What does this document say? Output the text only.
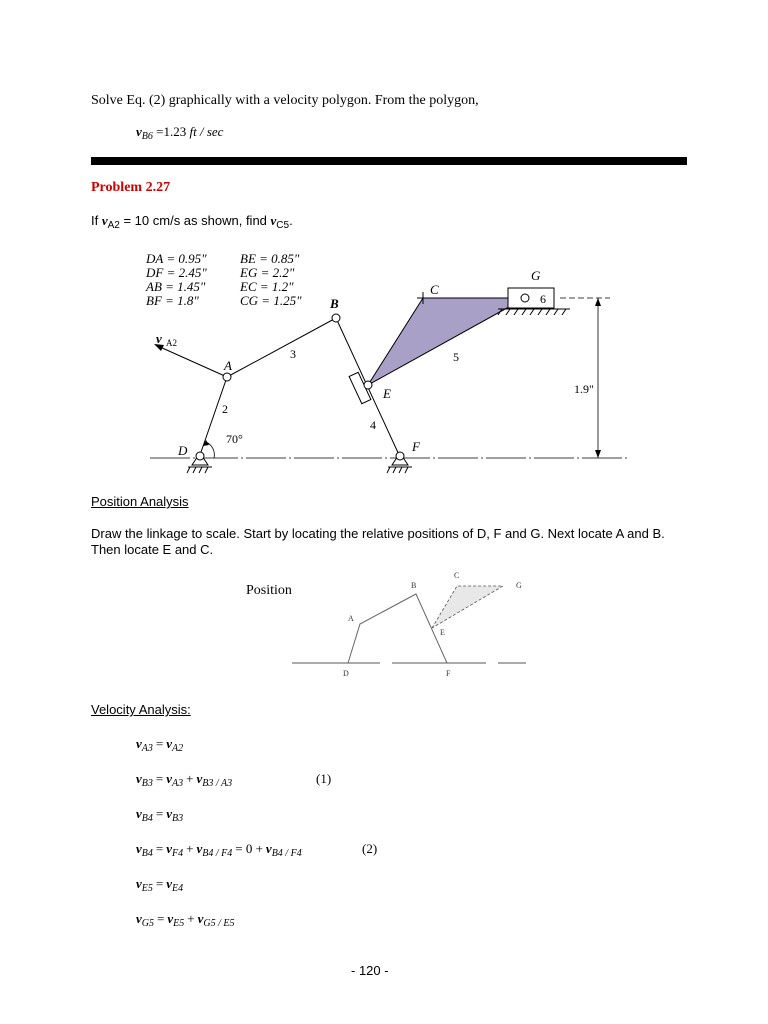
Solve Eq. (2) graphically with a velocity polygon. From the polygon,
$v_{B6} =1.23$ ft / sec
Problem 2.27
If $v_{A2} = 10$ cm/s as shown, find $v_{C5}$.
DA = 0.95"
DF = 2.45"
AB = 1.45"
BF = 1.8"
BE = 0.85"
EG = 2.2"
EC = 1.2"
CG = 1.25"
v A2
A
B
C
D
E
F
G
2
3
4
5
6
70°
1.9"
Position Analysis
Draw the linkage to scale. Start by locating the relative positions of D, F and G. Next locate A and B. Then locate E and C.
Position
A
B
C
D
E
F
G
Velocity Analysis:
$v_{A3} = v_{A2}$
$v_{B3} = v_{A3} + v_{B3 / A3}$	(1)
$v_{B4} = v_{B3}$
$v_{B4} = v_{F4} + v_{B4 / F4} = 0 + v_{B4 / F4}$	(2)
$v_{E5} = v_{E4}$
$v_{G5} = v_{E5} + v_{G5 / E5}$
- 120 -
